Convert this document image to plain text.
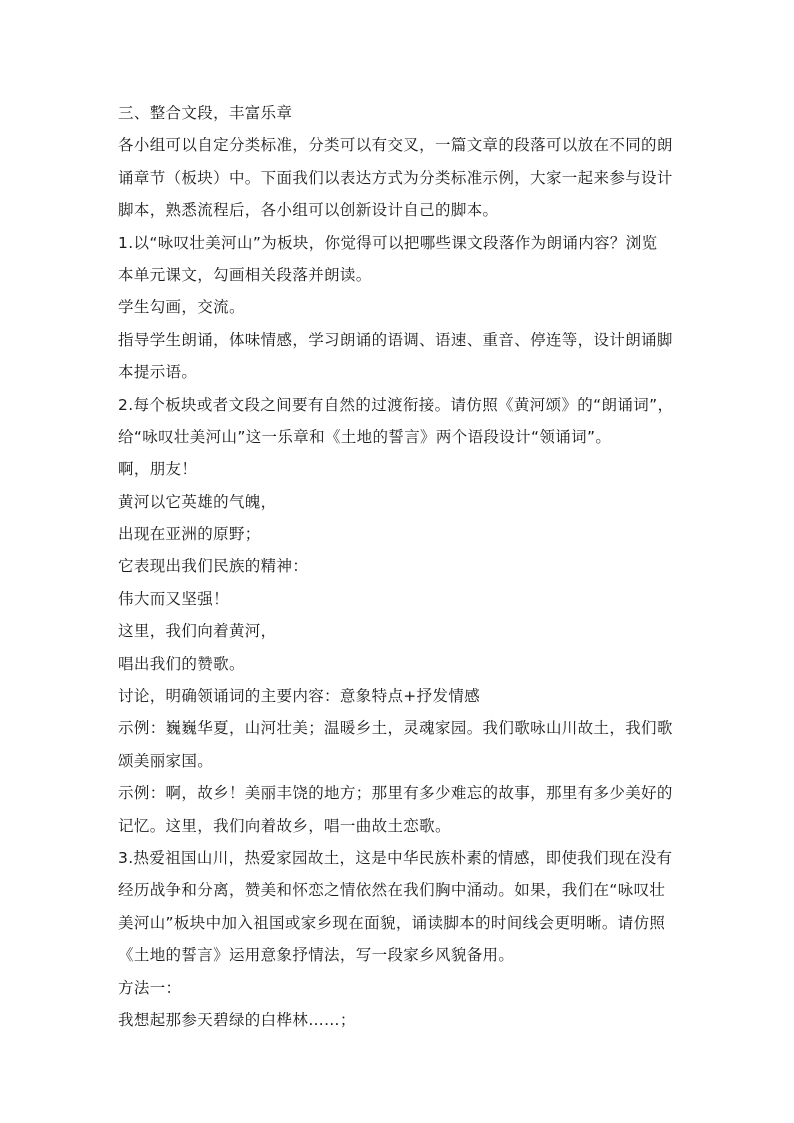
三、整合文段，丰富乐章
各小组可以自定分类标准，分类可以有交叉，一篇文章的段落可以放在不同的朗
诵章节（板块）中。下面我们以表达方式为分类标准示例，大家一起来参与设计
脚本，熟悉流程后，各小组可以创新设计自己的脚本。
1.以“咏叹壮美河山”为板块，你觉得可以把哪些课文段落作为朗诵内容？浏览
本单元课文，勾画相关段落并朗读。
学生勾画，交流。
指导学生朗诵，体味情感，学习朗诵的语调、语速、重音、停连等，设计朗诵脚
本提示语。
2.每个板块或者文段之间要有自然的过渡衔接。请仿照《黄河颂》的“朗诵词”，
给“咏叹壮美河山”这一乐章和《土地的誓言》两个语段设计“领诵词”。
啊，朋友！
黄河以它英雄的气魄，
出现在亚洲的原野；
它表现出我们民族的精神：
伟大而又坚强！
这里，我们向着黄河，
唱出我们的赞歌。
讨论，明确领诵词的主要内容：意象特点+抒发情感
示例：巍巍华夏，山河壮美；温暖乡土，灵魂家园。我们歌咏山川故土，我们歌
颂美丽家国。
示例：啊，故乡！美丽丰饶的地方；那里有多少难忘的故事，那里有多少美好的
记忆。这里，我们向着故乡，唱一曲故土恋歌。
3.热爱祖国山川，热爱家园故土，这是中华民族朴素的情感，即使我们现在没有
经历战争和分离，赞美和怀恋之情依然在我们胸中涌动。如果，我们在“咏叹壮
美河山”板块中加入祖国或家乡现在面貌，诵读脚本的时间线会更明晰。请仿照
《土地的誓言》运用意象抒情法，写一段家乡风貌备用。
方法一：
我想起那参天碧绿的白桦林……；
